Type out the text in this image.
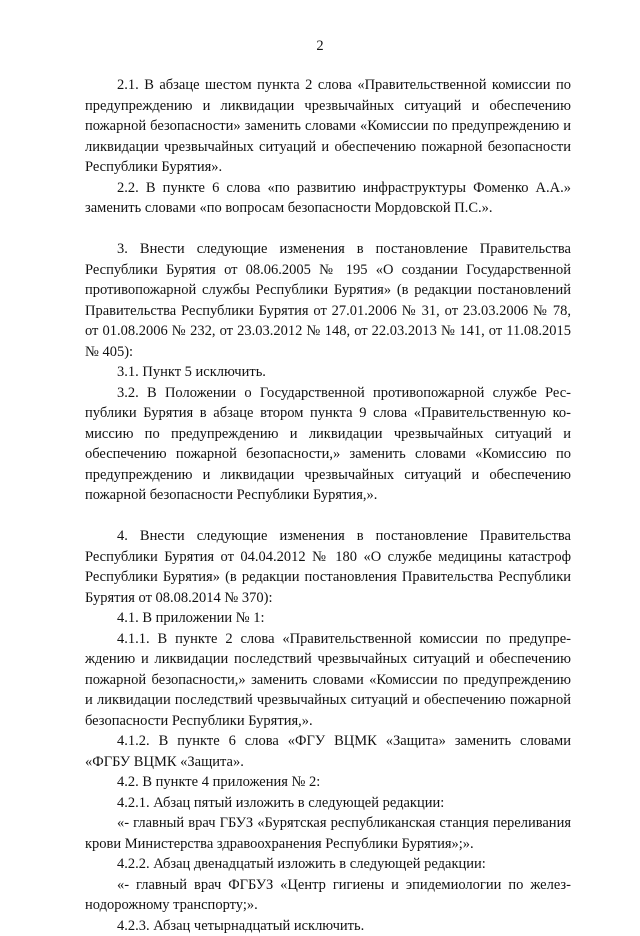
2

2.1. В абзаце шестом пункта 2 слова «Правительственной комиссии по предупреждению и ликвидации чрезвычайных ситуаций и обеспечению пожарной безопасности» заменить словами «Комиссии по предупреждению и ликвидации чрезвычайных ситуаций и обеспечению пожарной безопасности Республики Бурятия».

2.2. В пункте 6 слова «по развитию инфраструктуры Фоменко А.А.» заменить словами «по вопросам безопасности Мордовской П.С.».

3. Внести следующие изменения в постановление Правительства Республики Бурятия от 08.06.2005 № 195 «О создании Государственной противопожарной службы Республики Бурятия» (в редакции постановлений Правительства Республики Бурятия от 27.01.2006 № 31, от 23.03.2006 № 78, от 01.08.2006 № 232, от 23.03.2012 № 148, от 22.03.2013 № 141, от 11.08.2015 № 405):

3.1. Пункт 5 исключить.

3.2. В Положении о Государственной противопожарной службе Республики Бурятия в абзаце втором пункта 9 слова «Правительственную комиссию по предупреждению и ликвидации чрезвычайных ситуаций и обеспечению пожарной безопасности,» заменить словами «Комиссию по предупреждению и ликвидации чрезвычайных ситуаций и обеспечению пожарной безопасности Республики Бурятия,».

4. Внести следующие изменения в постановление Правительства Республики Бурятия от 04.04.2012 № 180 «О службе медицины катастроф Республики Бурятия» (в редакции постановления Правительства Республики Бурятия от 08.08.2014 № 370):

4.1. В приложении № 1:

4.1.1. В пункте 2 слова «Правительственной комиссии по предупреждению и ликвидации последствий чрезвычайных ситуаций и обеспечению пожарной безопасности,» заменить словами «Комиссии по предупреждению и ликвидации последствий чрезвычайных ситуаций и обеспечению пожарной безопасности Республики Бурятия,».

4.1.2. В пункте 6 слова «ФГУ ВЦМК «Защита» заменить словами «ФГБУ ВЦМК «Защита».

4.2. В пункте 4 приложения № 2:

4.2.1. Абзац пятый изложить в следующей редакции:

«- главный врач ГБУЗ «Бурятская республиканская станция переливания крови Министерства здравоохранения Республики Бурятия»;».

4.2.2. Абзац двенадцатый изложить в следующей редакции:

«- главный врач ФГБУЗ «Центр гигиены и эпидемиологии по железнодорожному транспорту;».

4.2.3. Абзац четырнадцатый исключить.
